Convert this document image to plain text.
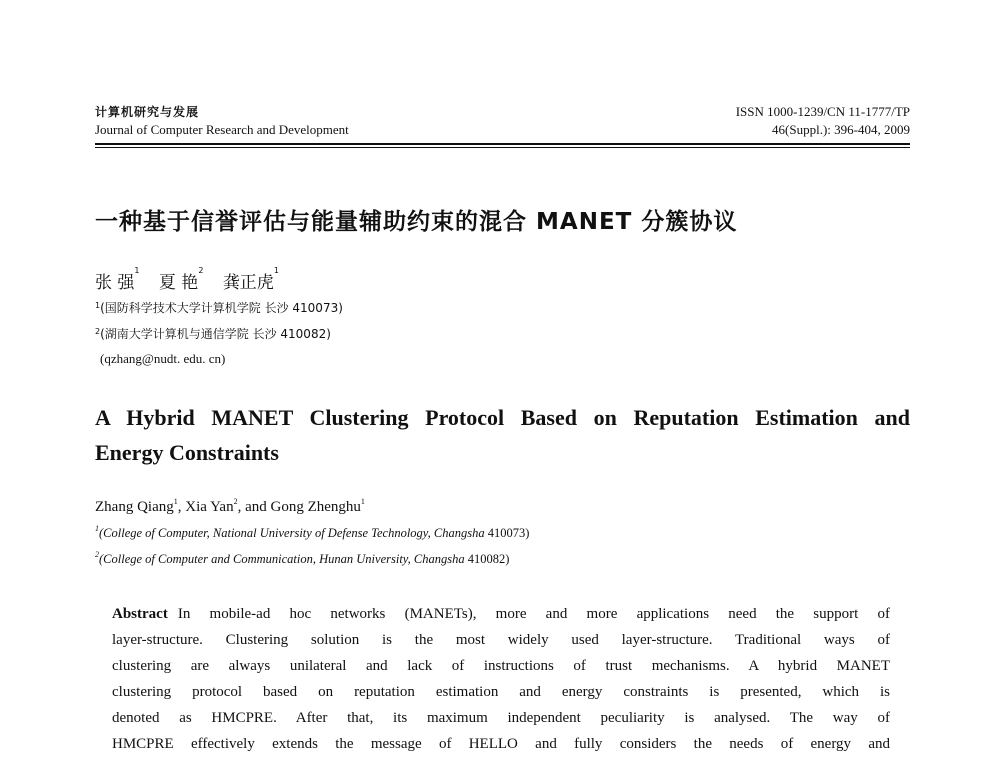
计算机研究与发展
Journal of Computer Research and Development
ISSN 1000-1239/CN 11-1777/TP
46(Suppl.): 396-404, 2009
一种基于信誉评估与能量辅助约束的混合 MANET 分簇协议
张 强$^1$ 夏 艳$^2$ 龚正虎$^1$
$^1$(国防科学技术大学计算机学院 长沙 410073)
$^2$(湖南大学计算机与通信学院 长沙 410082)
(qzhang@nudt. edu. cn)
A Hybrid MANET Clustering Protocol Based on Reputation Estimation and
Energy Constraints
Zhang Qiang$^1$, Xia Yan$^2$, and Gong Zhenghu$^1$
$^1$(College of Computer, National University of Defense Technology, Changsha 410073)
$^2$(College of Computer and Communication, Hunan University, Changsha 410082)
Abstract In mobile-ad hoc networks (MANETs), more and more applications need the support of
layer-structure. Clustering solution is the most widely used layer-structure. Traditional ways of
clustering are always unilateral and lack of instructions of trust mechanisms. A hybrid MANET
clustering protocol based on reputation estimation and energy constraints is presented, which is
denoted as HMCPRE. After that, its maximum independent peculiarity is analysed. The way of
HMCPRE effectively extends the message of HELLO and fully considers the needs of energy and
